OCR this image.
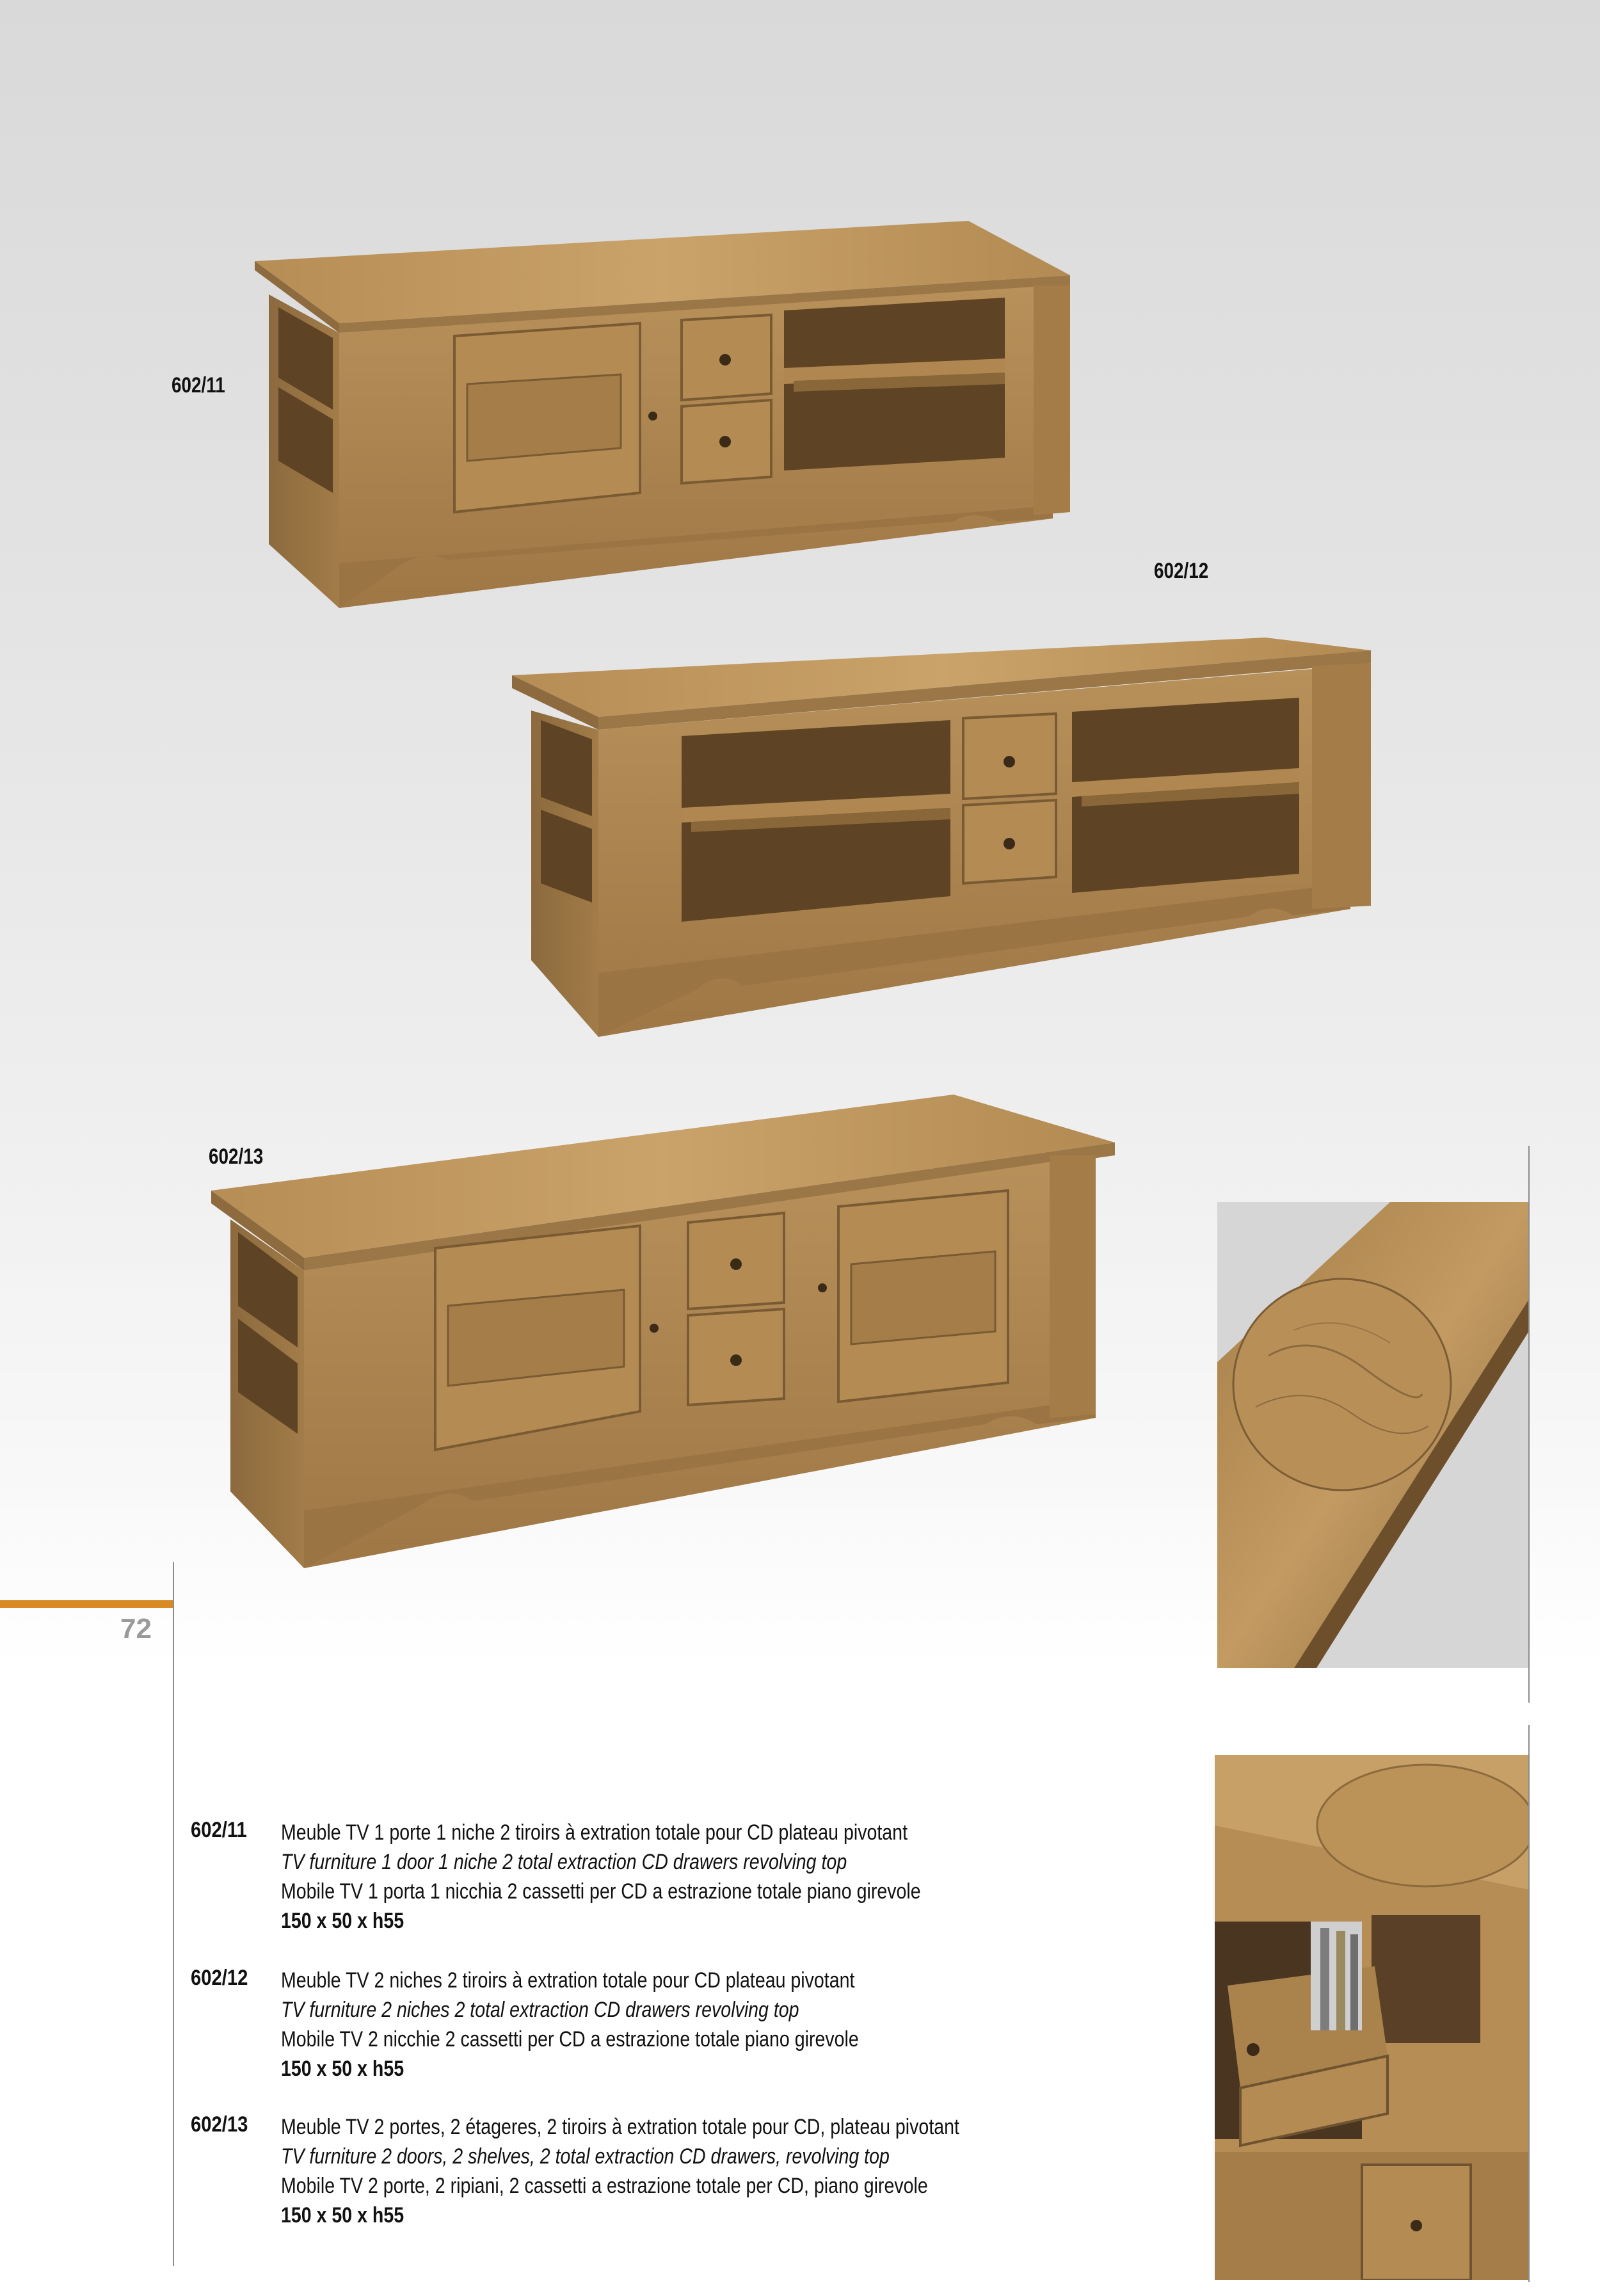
602/11
602/12
602/13
72
602/11 Meuble TV 1 porte 1 niche 2 tiroirs à extration totale pour CD plateau pivotant
TV furniture 1 door 1 niche 2 total extraction CD drawers revolving top
Mobile TV 1 porta 1 nicchia 2 cassetti per CD a estrazione totale piano girevole
150 x 50 x h55
602/12 Meuble TV 2 niches 2 tiroirs à extration totale pour CD plateau pivotant
TV furniture 2 niches 2 total extraction CD drawers revolving top
Mobile TV 2 nicchie 2 cassetti per CD a estrazione totale piano girevole
150 x 50 x h55
602/13 Meuble TV 2 portes, 2 étageres, 2 tiroirs à extration totale pour CD, plateau pivotant
TV furniture 2 doors, 2 shelves, 2 total extraction CD drawers, revolving top
Mobile TV 2 porte, 2 ripiani, 2 cassetti a estrazione totale per CD, piano girevole
150 x 50 x h55
